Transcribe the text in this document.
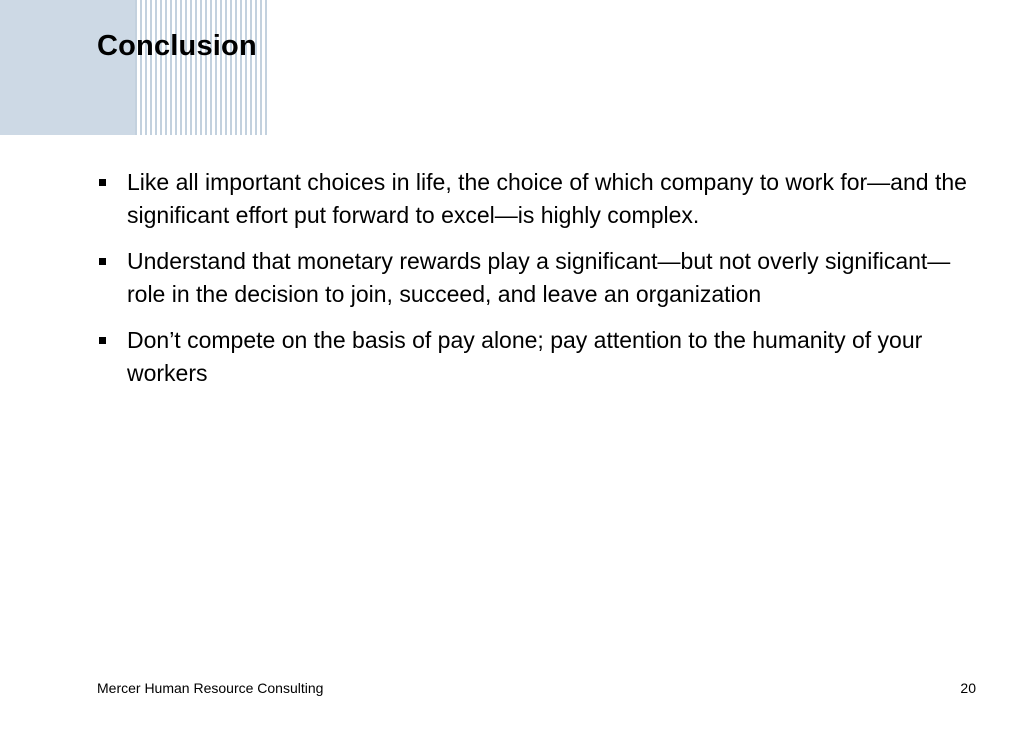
Conclusion
Like all important choices in life, the choice of which company to work for—and the significant effort put forward to excel—is highly complex.
Understand that monetary rewards play a significant—but not overly significant—role in the decision to join, succeed, and leave an organization
Don’t compete on the basis of pay alone; pay attention to the humanity of your workers
Mercer Human Resource Consulting	20
